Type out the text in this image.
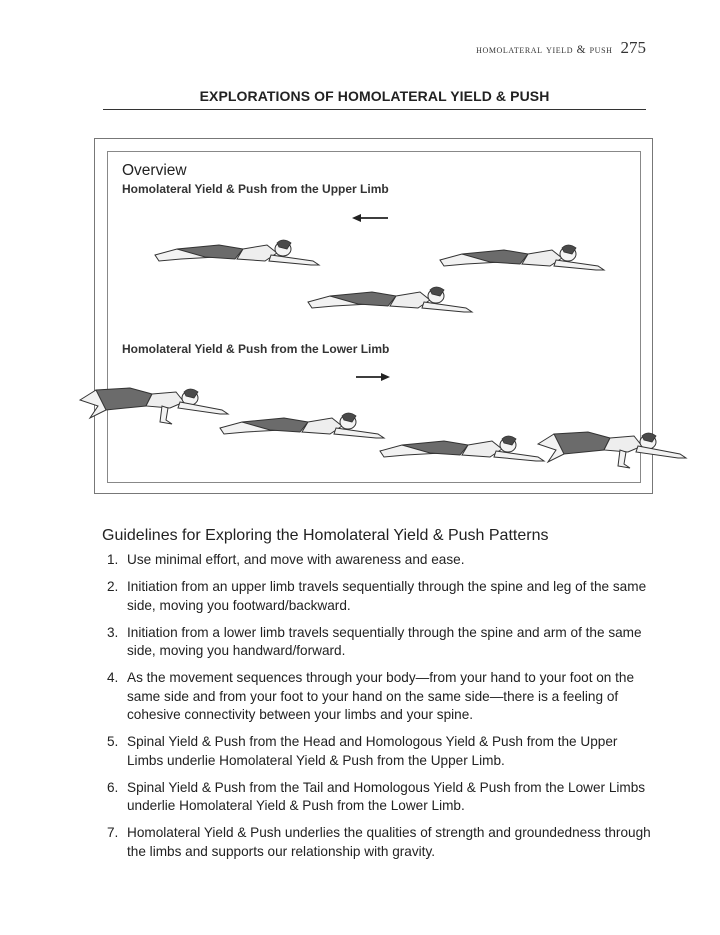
homolateral yield & push 275
EXPLORATIONS OF HOMOLATERAL YIELD & PUSH
Overview
Homolateral Yield & Push from the Upper Limb
Homolateral Yield & Push from the Lower Limb
Guidelines for Exploring the Homolateral Yield & Push Patterns
1. Use minimal effort, and move with awareness and ease.
2. Initiation from an upper limb travels sequentially through the spine and leg of the same side, moving you footward/backward.
3. Initiation from a lower limb travels sequentially through the spine and arm of the same side, moving you handward/forward.
4. As the movement sequences through your body—from your hand to your foot on the same side and from your foot to your hand on the same side—there is a feeling of cohesive connectivity between your limbs and your spine.
5. Spinal Yield & Push from the Head and Homologous Yield & Push from the Upper Limbs underlie Homolateral Yield & Push from the Upper Limb.
6. Spinal Yield & Push from the Tail and Homologous Yield & Push from the Lower Limbs underlie Homolateral Yield & Push from the Lower Limb.
7. Homolateral Yield & Push underlies the qualities of strength and groundedness through the limbs and supports our relationship with gravity.
